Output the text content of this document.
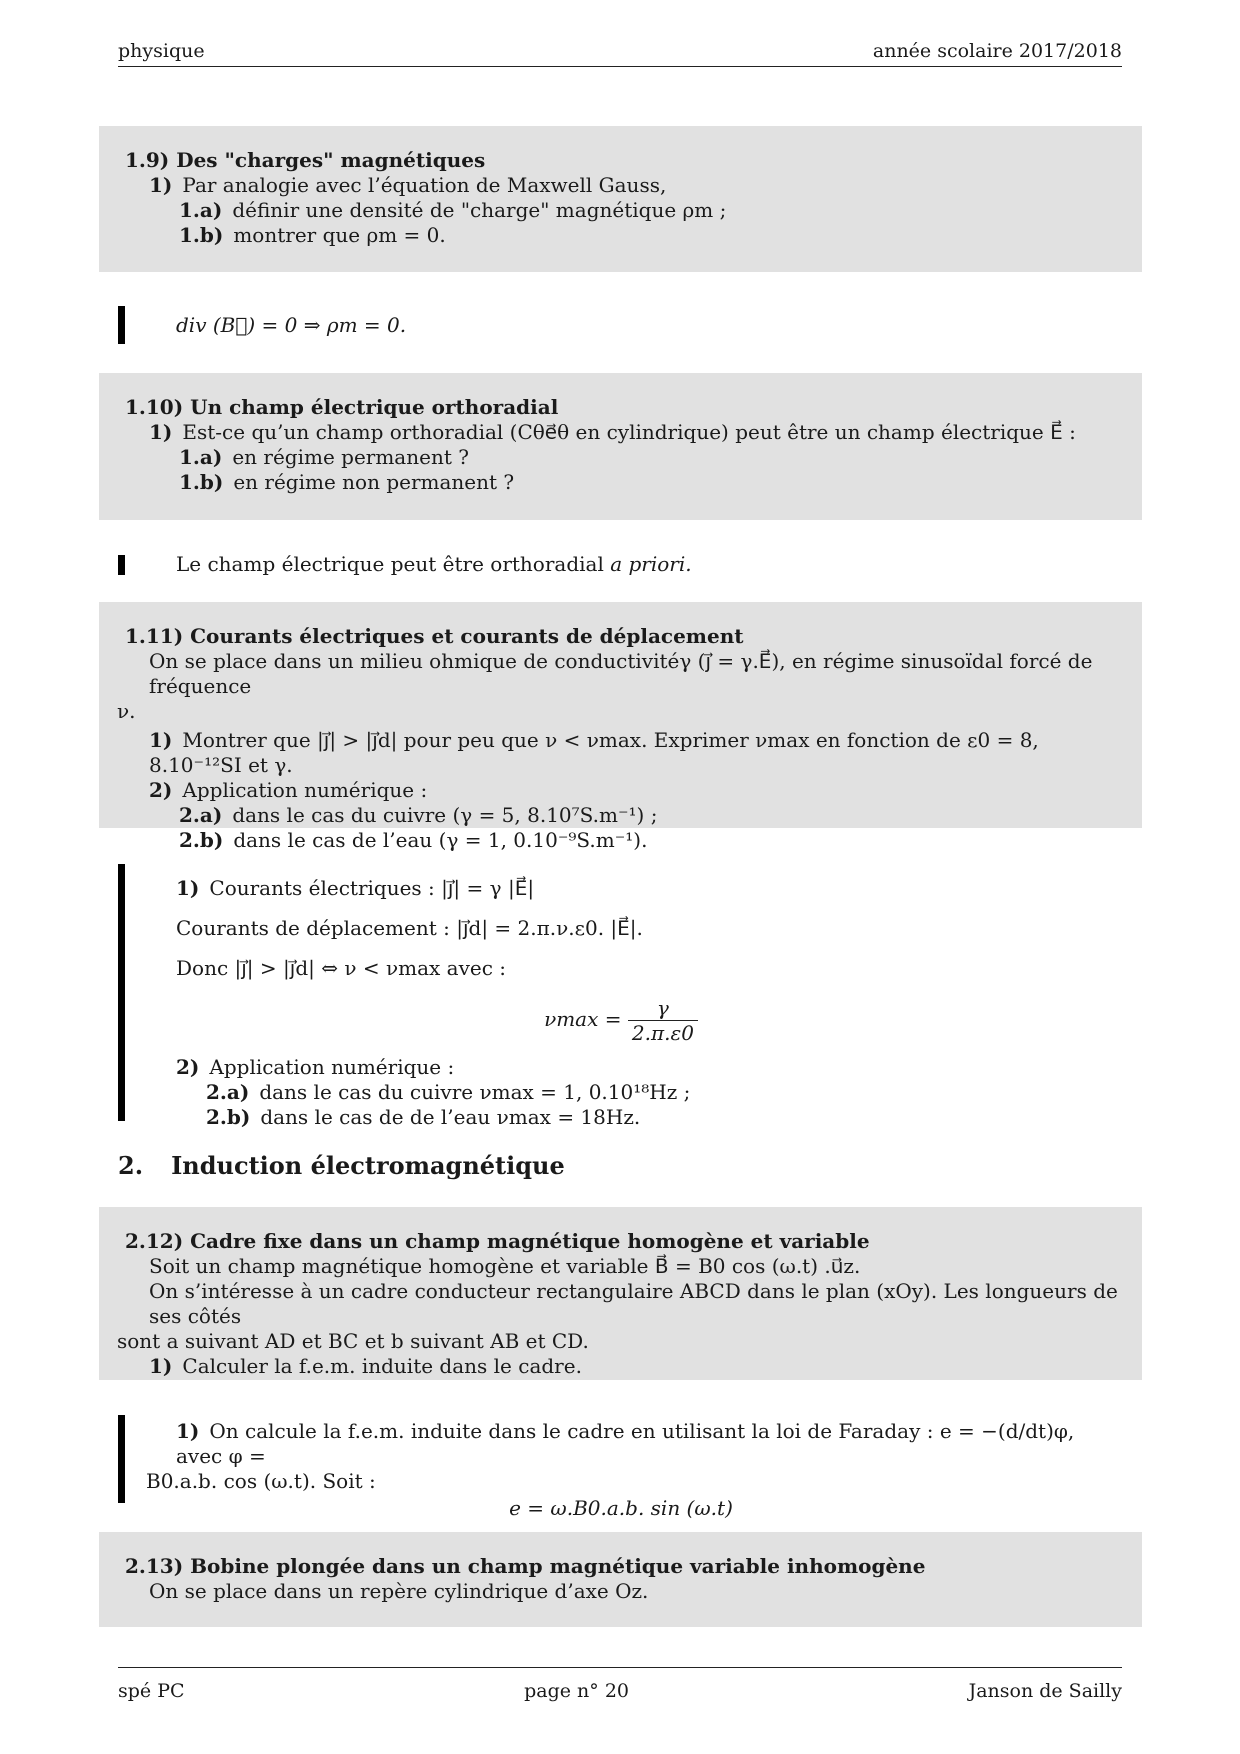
physique	année scolaire 2017/2018
1.9) Des "charges" magnétiques
1) Par analogie avec l’équation de Maxwell Gauss,
1.a) définir une densité de "charge" magnétique ρm ;
1.b) montrer que ρm = 0.
div (B⃗) = 0 ⇒ ρm = 0.
1.10) Un champ électrique orthoradial
1) Est-ce qu’un champ orthoradial (Cθe⃗θ en cylindrique) peut être un champ électrique E⃗ :
1.a) en régime permanent ?
1.b) en régime non permanent ?
Le champ électrique peut être orthoradial a priori.
1.11) Courants électriques et courants de déplacement
On se place dans un milieu ohmique de conductivitéγ (j⃗ = γ.E⃗), en régime sinusoïdal forcé de fréquence
ν.
1) Montrer que |j⃗| > |j⃗d| pour peu que ν < νmax. Exprimer νmax en fonction de ε0 = 8, 8.10⁻¹²SI et γ.
2) Application numérique :
2.a) dans le cas du cuivre (γ = 5, 8.10⁷S.m⁻¹) ;
2.b) dans le cas de l’eau (γ = 1, 0.10⁻⁹S.m⁻¹).
1) Courants électriques : |j⃗| = γ |E⃗|
Courants de déplacement : |j⃗d| = 2.π.ν.ε0. |E⃗|.
Donc |j⃗| > |j⃗d| ⇔ ν < νmax avec :
$\nu\max = \frac{\gamma}{2.\pi.\varepsilon 0}$
2) Application numérique :
2.a) dans le cas du cuivre νmax = 1, 0.10¹⁸Hz ;
2.b) dans le cas de de l’eau νmax = 18Hz.
2. Induction électromagnétique
2.12) Cadre fixe dans un champ magnétique homogène et variable
Soit un champ magnétique homogène et variable B⃗ = B0 cos (ω.t) .u⃗z.
On s’intéresse à un cadre conducteur rectangulaire ABCD dans le plan (xOy). Les longueurs de ses côtés
sont a suivant AD et BC et b suivant AB et CD.
1) Calculer la f.e.m. induite dans le cadre.
1) On calcule la f.e.m. induite dans le cadre en utilisant la loi de Faraday : e = −(d/dt)φ, avec φ =
B0.a.b. cos (ω.t). Soit :
e = ω.B0.a.b. sin (ω.t)
2.13) Bobine plongée dans un champ magnétique variable inhomogène
On se place dans un repère cylindrique d’axe Oz.
spé PC	page n° 20	Janson de Sailly
